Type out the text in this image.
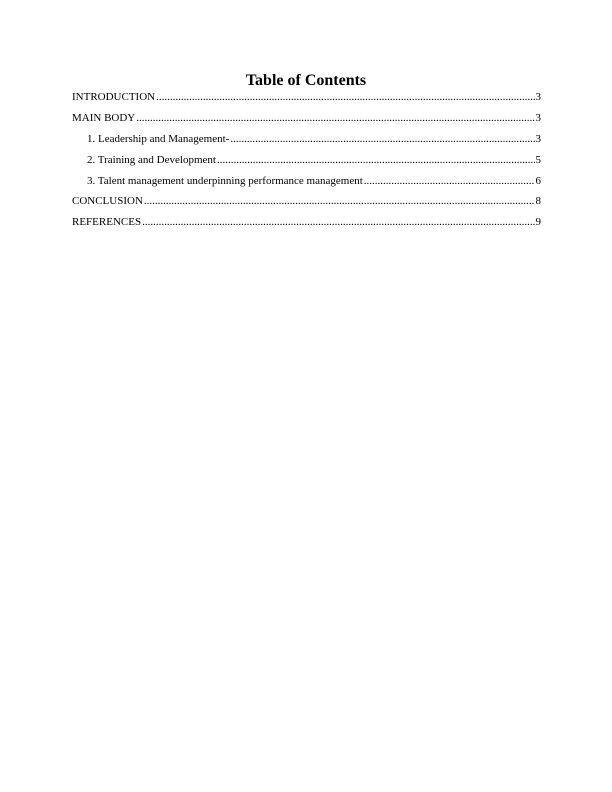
Table of Contents
INTRODUCTION .....	3
MAIN BODY .....	3
1. Leadership and Management- .....	3
2. Training and Development .....	5
3. Talent management underpinning performance management .....	6
CONCLUSION .....	8
REFERENCES .....	9
